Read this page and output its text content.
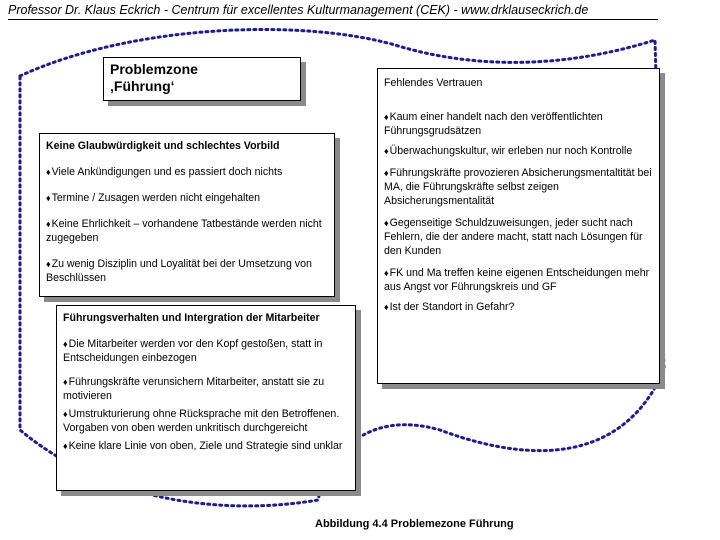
Professor Dr. Klaus Eckrich - Centrum für excellentes Kulturmanagement (CEK) - www.drklauseckrich.de
Problemzone
‚Führung‘
Keine Glaubwürdigkeit und schlechtes Vorbild
♦Viele Ankündigungen und es passiert doch nichts
♦Termine / Zusagen werden nicht eingehalten
♦Keine Ehrlichkeit – vorhandene Tatbestände werden nicht zugegeben
♦Zu wenig Disziplin und Loyalität bei der Umsetzung von Beschlüssen
Führungsverhalten und Intergration der Mitarbeiter
♦Die Mitarbeiter werden vor den Kopf gestoßen, statt in Entscheidungen einbezogen
♦Führungskräfte verunsichern Mitarbeiter, anstatt sie zu motivieren
♦Umstrukturierung ohne Rücksprache mit den Betroffenen. Vorgaben von oben werden unkritisch durchgereicht
♦Keine klare Linie von oben, Ziele und Strategie sind unklar
Fehlendes Vertrauen
♦Kaum einer handelt nach den veröffentlichten Führungsgrudsätzen
♦Überwachungskultur, wir erleben nur noch Kontrolle
♦Führungskräfte provozieren Absicherungsmentaltität bei MA, die Führungskräfte selbst zeigen Absicherungsmentalität
♦Gegenseitige Schuldzuweisungen, jeder sucht nach Fehlern, die der andere macht, statt nach Lösungen für den Kunden
♦FK und Ma treffen keine eigenen Entscheidungen mehr aus Angst vor Führungskreis und GF
♦Ist der Standort in Gefahr?
Abbildung 4.4 Problemezone Führung
